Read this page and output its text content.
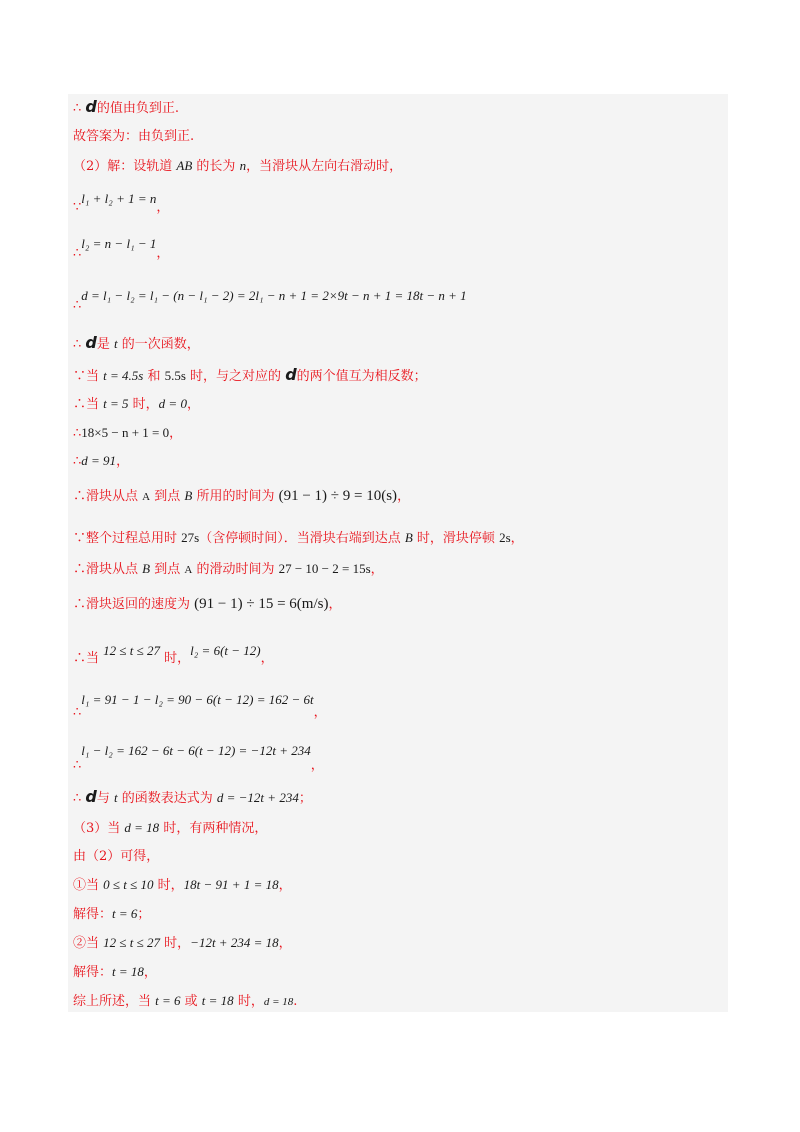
∴ d的值由负到正.
故答案为：由负到正.
（2）解：设轨道 AB 的长为 n，当滑块从左向右滑动时，
∵l₁ + l₂ + 1 = n，
∴l₂ = n − l₁ − 1，
∴d = l₁ − l₂ = l₁ − (n − l₁ − 2) = 2l₁ − n + 1 = 2×9t − n + 1 = 18t − n + 1
∴ d是 t 的一次函数，
∵当 t = 4.5s 和 5.5s 时，与之对应的 d的两个值互为相反数；
∴当 t = 5 时，d = 0，
∴18×5 − n + 1 = 0，
∴d = 91，
∴滑块从点 A 到点 B 所用的时间为 (91 − 1) ÷ 9 = 10(s)，
∵整个过程总用时 27s（含停顿时间）．当滑块右端到达点 B 时，滑块停顿 2s，
∴滑块从点 B 到点 A 的滑动时间为 27 − 10 − 2 = 15s，
∴滑块返回的速度为 (91 − 1) ÷ 15 = 6(m/s)，
∴当 12 ≤ t ≤ 27 时，l₂ = 6(t − 12)，
∴l₁ = 91 − 1 − l₂ = 90 − 6(t − 12) = 162 − 6t，
∴l₁ − l₂ = 162 − 6t − 6(t − 12) = −12t + 234，
∴ d与 t 的函数表达式为 d = −12t + 234；
（3）当 d = 18 时，有两种情况，
由（2）可得，
①当 0 ≤ t ≤ 10 时，18t − 91 + 1 = 18，
解得：t = 6；
②当 12 ≤ t ≤ 27 时，−12t + 234 = 18，
解得：t = 18，
综上所述，当 t = 6 或 t = 18 时，d = 18.
